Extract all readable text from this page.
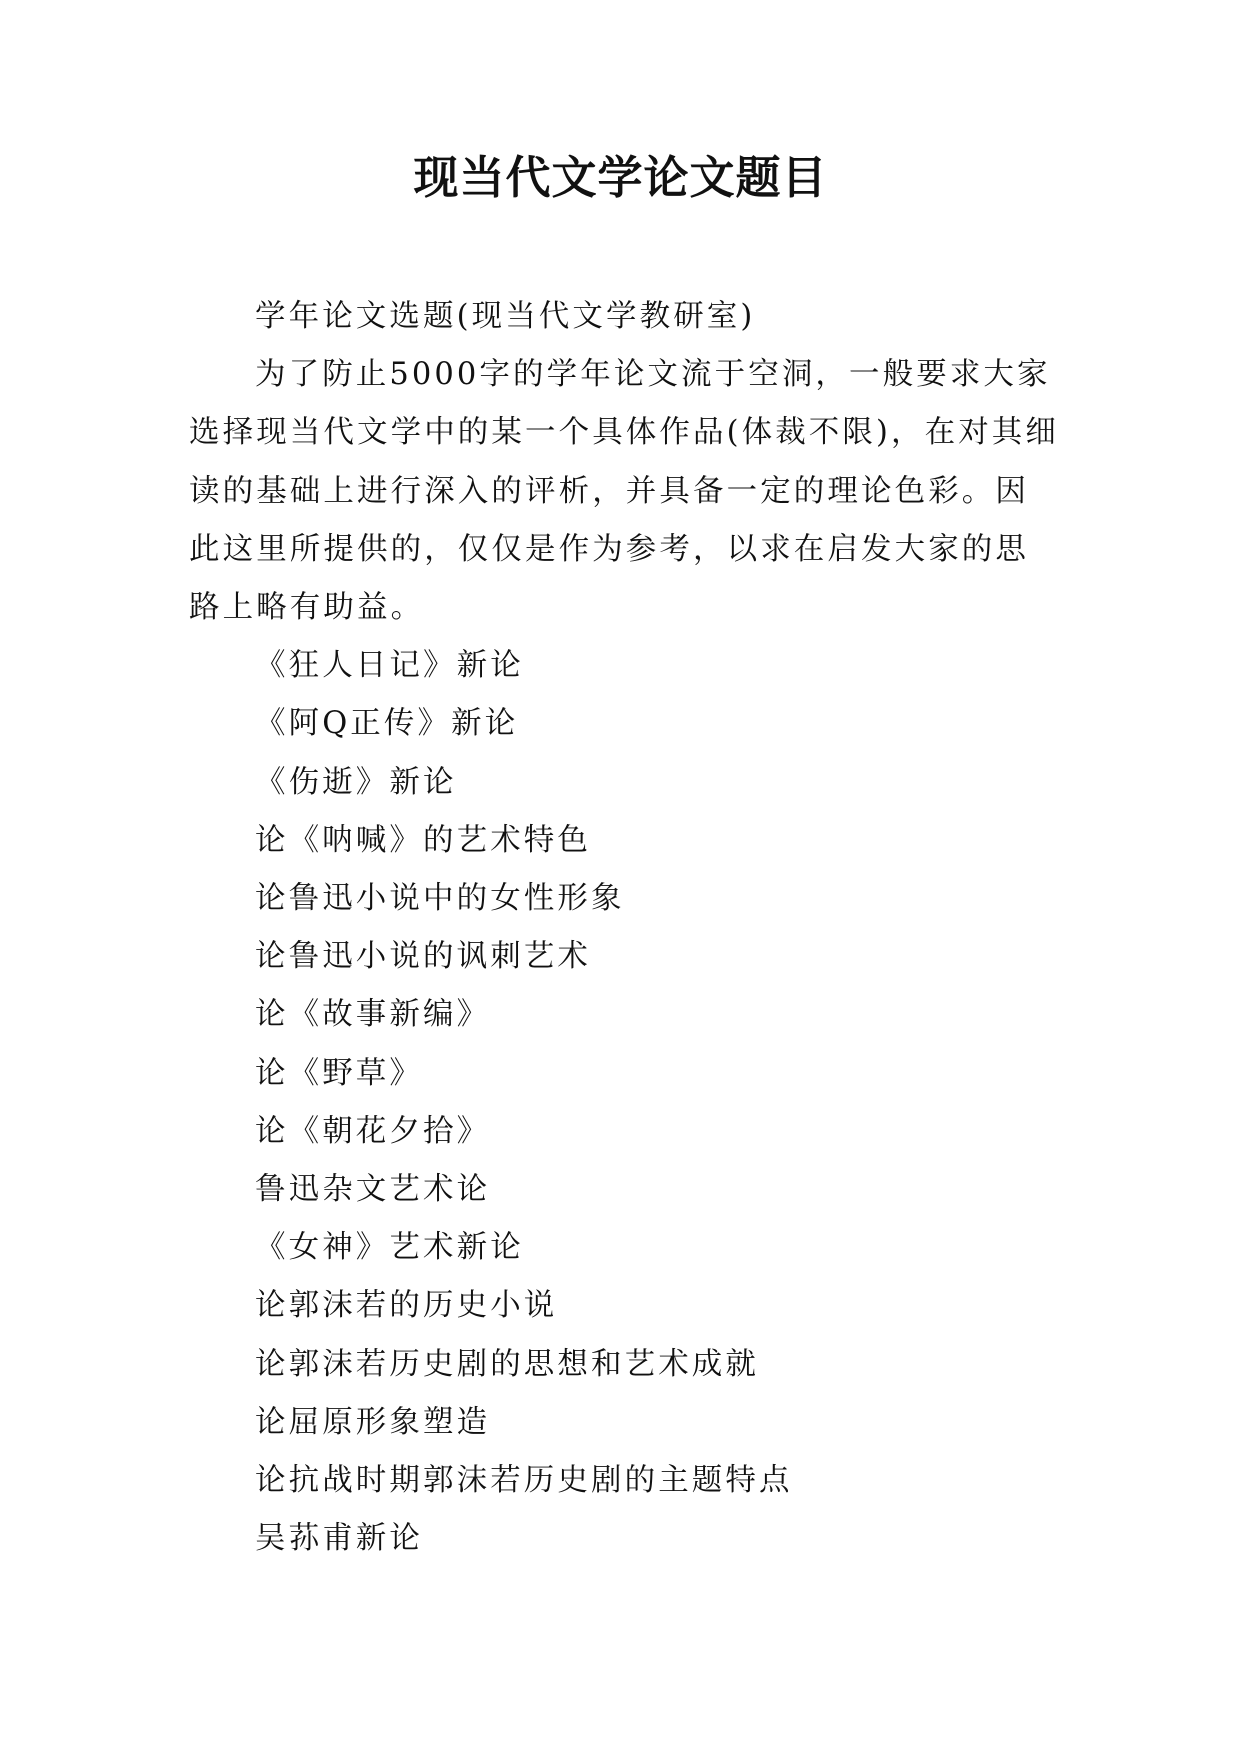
现当代文学论文题目

学年论文选题(现当代文学教研室)

为了防止5000字的学年论文流于空洞，一般要求大家选择现当代文学中的某一个具体作品(体裁不限)，在对其细读的基础上进行深入的评析，并具备一定的理论色彩。因此这里所提供的，仅仅是作为参考，以求在启发大家的思路上略有助益。

《狂人日记》新论
《阿Q正传》新论
《伤逝》新论
论《呐喊》的艺术特色
论鲁迅小说中的女性形象
论鲁迅小说的讽刺艺术
论《故事新编》
论《野草》
论《朝花夕拾》
鲁迅杂文艺术论
《女神》艺术新论
论郭沫若的历史小说
论郭沫若历史剧的思想和艺术成就
论屈原形象塑造
论抗战时期郭沫若历史剧的主题特点
吴荪甫新论
